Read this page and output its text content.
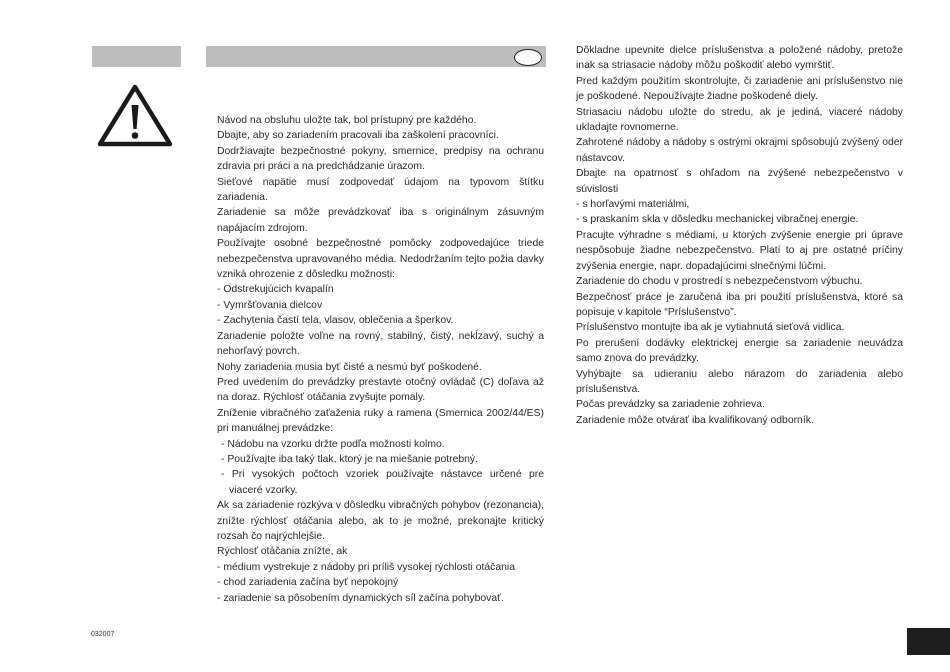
Návod na obsluhu uložte tak, bol prístupný pre každého.

Dbajte, aby so zariadením pracovali iba zaškolení pracovníci.

Dodržiavajte bezpečnostné pokyny, smernice, predpisy na ochranu zdravia pri práci a na predchádzanie úrazom.

Sieťové napätie musí zodpovedať údajom na typovom štítku zariadenia.

Zariadenie sa môže prevádzkovať iba s originálnym zásuvným napájacím zdrojom.

Používajte osobné bezpečnostné pomôcky zodpovedajúce triede nebezpečenstva upravovaného média. Nedodržaním tejto požia davky vzniká ohrozenie z dôsledku možnosti:

- Odstrekujúcich kvapalín

- Vymršťovania dielcov

- Zachytenia častí tela, vlasov, oblečenia a šperkov.

Zariadenie položte voľne na rovný, stabilný, čistý, nekĺzavý, suchý a nehorľavý povrch.

Nohy zariadenia musia byť čisté a nesmú byť poškodené.

Pred uvedením do prevádzky prestavte otočný ovládač (C) doľava až na doraz. Rýchlosť otáčania zvyšujte pomaly.

Zníženie vibračného zaťaženia ruky a ramena (Smernica 2002/44/ES) pri manuálnej prevádzke:

- Nádobu na vzorku držte podľa možnosti kolmo.

- Používajte iba taký tlak, ktorý je na miešanie potrebný.

- Pri vysokých počtoch vzoriek používajte nástavce určené pre viaceré vzorky.

Ak sa zariadenie rozkýva v dôsledku vibračných pohybov (rezonancia), znížte rýchlosť otáčania alebo, ak to je možné, prekonajte kritický rozsah čo najrýchlejšie.

Rýchlosť otáčania znížte, ak

- médium vystrekuje z nádoby pri príliš vysokej rýchlosti otáčania

- chod zariadenia začína byť nepokojný

- zariadenie sa pôsobením dynamických síl začína pohybovať.

Dôkladne upevnite dielce príslušenstva a položené nádoby, pretože inak sa striasacie nádoby môžu poškodiť alebo vymrštiť.

Pred každým použitím skontrolujte, či zariadenie ani príslušenstvo nie je poškodené. Nepoužívajte žiadne poškodené diely.

Striasaciu nádobu uložte do stredu, ak je jediná, viaceré nádoby ukladajte rovnomerne.

Zahrotené nádoby a nádoby s ostrými okrajmi spôsobujú zvýšený oder nástavcov.

Dbajte na opatrnosť s ohľadom na zvýšené nebezpečenstvo v súvislosti

- s horľavými materiálmi,

- s praskaním skla v dôsledku mechanickej vibračnej energie.

Pracujte výhradne s médiami, u ktorých zvýšenie energie pri úprave nespôsobuje žiadne nebezpečenstvo. Platí to aj pre ostatné príčiny zvýšenia energie, napr. dopadajúcimi slnečnými lúčmi.

Zariadenie do chodu v prostredí s nebezpečenstvom výbuchu.

Bezpečnosť práce je zaručená iba pri použití príslušenstva, ktoré sa popisuje v kapitole “Príslušenstvo”.

Príslušenstvo montujte iba ak je vytiahnutá sieťová vidlica.

Po prerušení dodávky elektrickej energie sa zariadenie neuvádza samo znova do prevádzky.

Vyhýbajte sa udieraniu alebo nárazom do zariadenia alebo príslušenstva.

Počas prevádzky sa zariadenie zohrieva.

Zariadenie môže otvárať iba kvalifikovaný odborník.

032007
